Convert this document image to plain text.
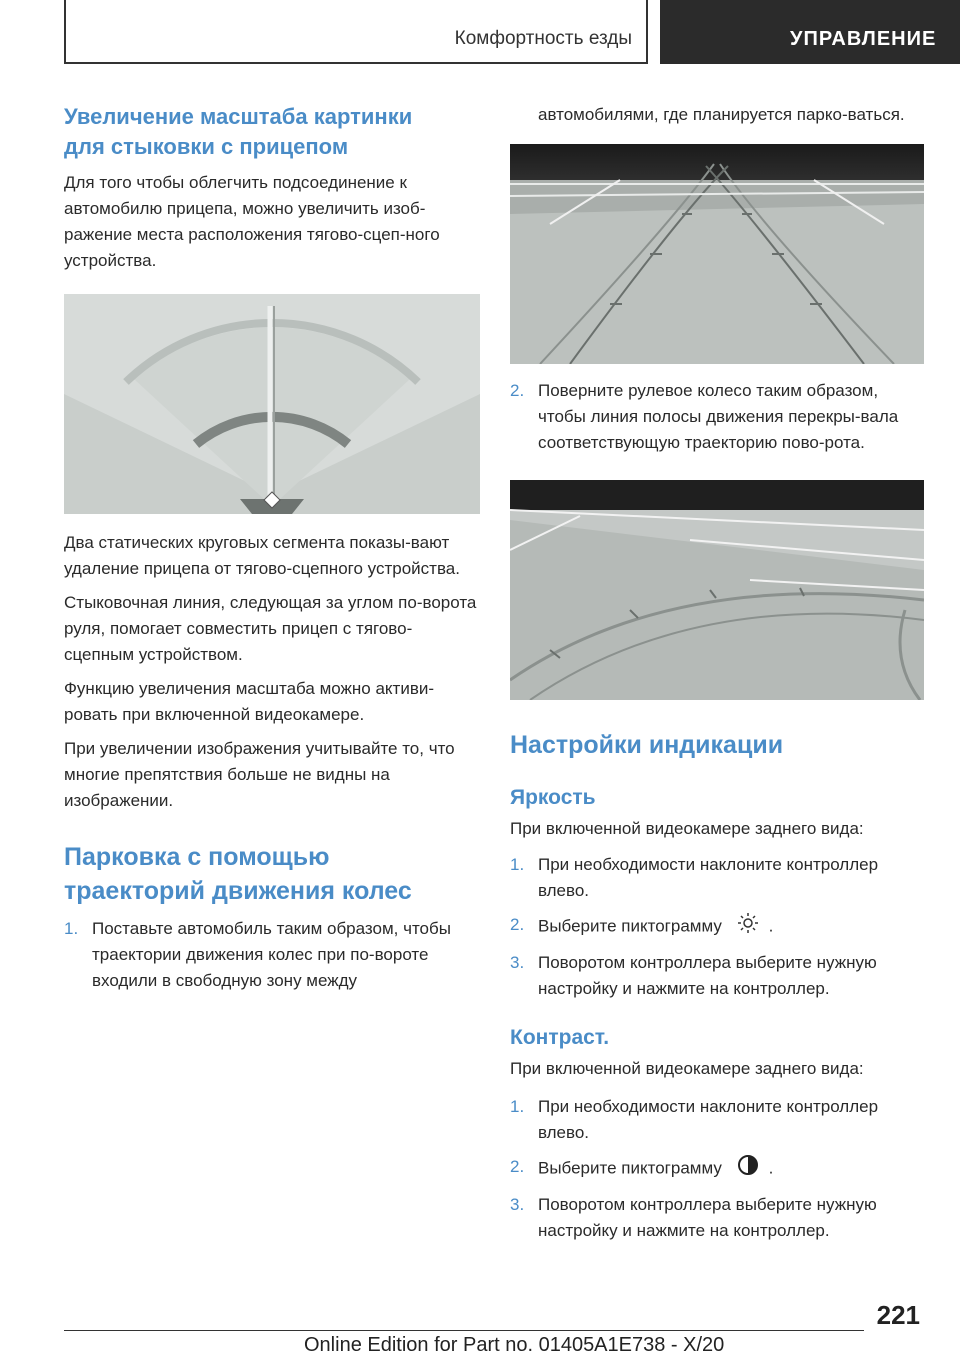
Комфортность езды	УПРАВЛЕНИЕ
Увеличение масштаба картинки для стыковки с прицепом

Для того чтобы облегчить подсоединение к автомобилю прицепа, можно увеличить изоб‐ражение места расположения тягово-сцеп‐ного устройства.

Два статических круговых сегмента показы‐вают удаление прицепа от тягово-сцепного устройства.

Стыковочная линия, следующая за углом по‐ворота руля, помогает совместить прицеп с тягово-сцепным устройством.

Функцию увеличения масштаба можно активи‐ровать при включенной видеокамере.

При увеличении изображения учитывайте то, что многие препятствия больше не видны на изображении.

Парковка с помощью траекторий движения колес
1. Поставьте автомобиль таким образом, чтобы траектории движения колес при по‐вороте входили в свободную зону между

автомобилями, где планируется парко‐ваться.

2. Поверните рулевое колесо таким образом, чтобы линия полосы движения перекры‐вала соответствующую траекторию пово‐рота.
Настройки индикации
Яркость

При включенной видеокамере заднего вида:

1. При необходимости наклоните контроллер влево.
2. Выберите пиктограмму	.
3. Поворотом контроллера выберите нужную настройку и нажмите на контроллер.
Контраст.

При включенной видеокамере заднего вида:

1. При необходимости наклоните контроллер влево.
2. Выберите пиктограмму	.
3. Поворотом контроллера выберите нужную настройку и нажмите на контроллер.
221
Online Edition for Part no. 01405A1E738 - X/20
